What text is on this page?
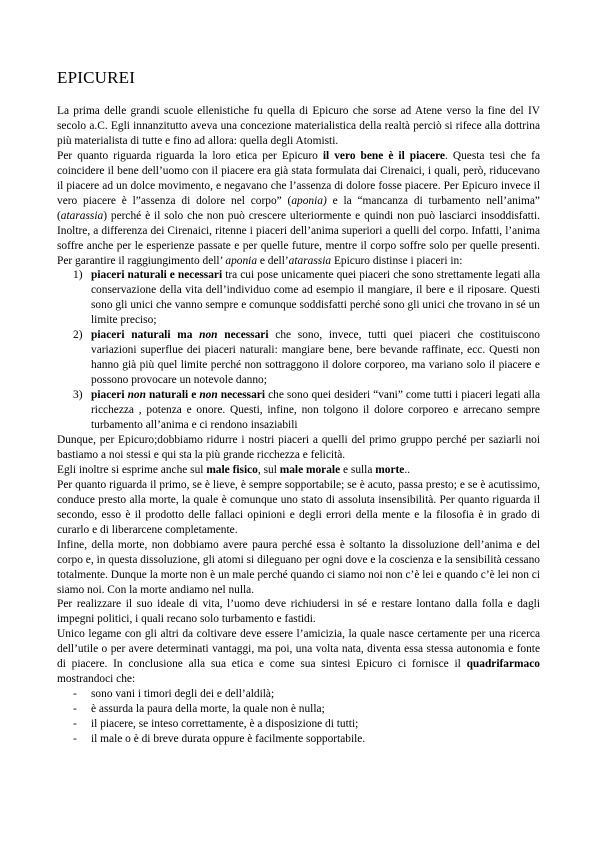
EPICUREI

La prima delle grandi scuole ellenistiche fu quella di Epicuro che sorse ad Atene verso la fine del IV secolo a.C. Egli innanzitutto aveva una concezione materialistica della realtà perciò si rifece alla dottrina più materialista di tutte e fino ad allora: quella degli Atomisti.

Per quanto riguarda riguarda la loro etica per Epicuro il vero bene è il piacere. Questa tesi che fa coincidere il bene dell’uomo con il piacere era già stata formulata dai Cirenaici, i quali, però, riducevano il piacere ad un dolce movimento, e negavano che l’assenza di dolore fosse piacere. Per Epicuro invece il vero piacere è l”assenza di dolore nel corpo” (aponia) e la “mancanza di turbamento nell’anima” (atarassia) perché è il solo che non può crescere ulteriormente e quindi non può lasciarci insoddisfatti. Inoltre, a differenza dei Cirenaici, ritenne i piaceri dell’anima superiori a quelli del corpo. Infatti, l’anima soffre anche per le esperienze passate e per quelle future, mentre il corpo soffre solo per quelle presenti. Per garantire il raggiungimento dell’ aponia e dell’atarassia Epicuro distinse i piaceri in:

1) piaceri naturali e necessari tra cui pose unicamente quei piaceri che sono strettamente legati alla conservazione della vita dell’individuo come ad esempio il mangiare, il bere e il riposare. Questi sono gli unici che vanno sempre e comunque soddisfatti perché sono gli unici che trovano in sé un limite preciso;
2) piaceri naturali ma non necessari che sono, invece, tutti quei piaceri che costituiscono variazioni superflue dei piaceri naturali: mangiare bene, bere bevande raffinate, ecc. Questi non hanno già più quel limite perché non sottraggono il dolore corporeo, ma variano solo il piacere e possono provocare un notevole danno;
3) piaceri non naturali e non necessari che sono quei desideri “vani” come tutti i piaceri legati alla ricchezza , potenza e onore. Questi, infine, non tolgono il dolore corporeo e arrecano sempre turbamento all’anima e ci rendono insaziabili

Dunque, per Epicuro;dobbiamo ridurre i nostri piaceri a quelli del primo gruppo perché per saziarli noi bastiamo a noi stessi e qui sta la più grande ricchezza e felicità.

Egli inoltre si esprime anche sul male fisico, sul male morale e sulla morte..

Per quanto riguarda il primo, se è lieve, è sempre sopportabile; se è acuto, passa presto; e se è acutissimo, conduce presto alla morte, la quale è comunque uno stato di assoluta insensibilità. Per quanto riguarda il secondo, esso è il prodotto delle fallaci opinioni e degli errori della mente e la filosofia è in grado di curarlo e di liberarcene completamente.

Infine, della morte, non dobbiamo avere paura perché essa è soltanto la dissoluzione dell’anima e del corpo e, in questa dissoluzione, gli atomi si dileguano per ogni dove e la coscienza e la sensibilità cessano totalmente. Dunque la morte non è un male perché quando ci siamo noi non c’è lei e quando c’è lei non ci siamo noi. Con la morte andiamo nel nulla.

Per realizzare il suo ideale di vita, l’uomo deve richiudersi in sé e restare lontano dalla folla e dagli impegni politici, i quali recano solo turbamento e fastidi.

Unico legame con gli altri da coltivare deve essere l’amicizia, la quale nasce certamente per una ricerca dell’utile o per avere determinati vantaggi, ma poi, una volta nata, diventa essa stessa autonomia e fonte di piacere. In conclusione alla sua etica e come sua sintesi Epicuro ci fornisce il quadrifarmaco mostrandoci che:

- sono vani i timori degli dei e dell’aldilà;
- è assurda la paura della morte, la quale non è nulla;
- il piacere, se inteso correttamente, è a disposizione di tutti;
- il male o è di breve durata oppure è facilmente sopportabile.
